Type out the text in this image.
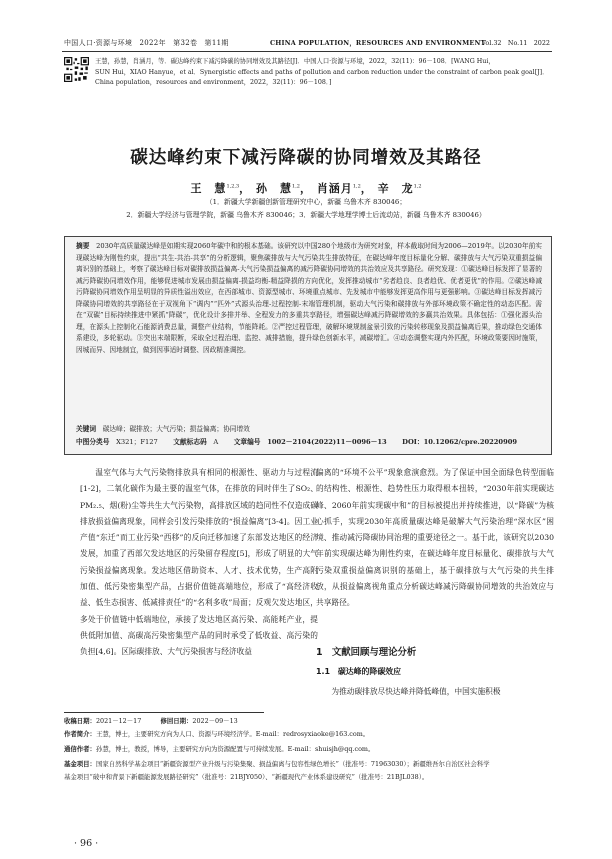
中国人口·资源与环境　2022年　第32卷　第11期	CHINA POPULATION，RESOURCES AND ENVIRONMENT
Vol.32　No.11　2022
王慧，孙慧，肖涵月，等．碳达峰约束下减污降碳的协同增效及其路径[J]．中国人口·资源与环境，2022，32(11)：96－108．[WANG Hui，
SUN Hui，XIAO Hanyue，et al．Synergistic effects and paths of pollution and carbon reduction under the constraint of carbon peak goal[J]．
China population，resources and environment，2022，32(11)：96－108．]
碳达峰约束下减污降碳的协同增效及其路径
王　慧$^{1,2,3}$， 孙　慧$^{1,2}$， 肖涵月$^{1,2}$， 辛　龙$^{1,2}$
（1．新疆大学新疆创新管理研究中心，新疆 乌鲁木齐 830046；
2．新疆大学经济与管理学院，新疆 乌鲁木齐 830046；3．新疆大学地理学博士后流动站，新疆 乌鲁木齐 830046）
摘要　 2030年高质量碳达峰是如期实现2060年碳中和的根本基础。该研究以中国280个地级市为研究对象，样本截取时间为2006—2019年。以2030年前实现碳达峰为刚性约束，提出“共生-共治-共享”的分析逻辑，聚焦碳排放与大气污染共生排放特征，在碳达峰年度目标量化分解、碳排放与大气污染双重损益偏离识别的基础上，考察了碳达峰目标对碳排放损益偏离-大气污染损益偏离的减污降碳协同增效的共治效应及共享路径。研究发现：①碳达峰目标发挥了显著的减污降碳协同增效作用，能够促进城市发展由损益偏离-损益均衡-精益降损的方向优化，发挥推动城市“劣者趋良、良者趋优、优者更优”的作用。②碳达峰减污降碳协同增效作用呈明显的异质性溢出效应，在西部城市、资源型城市、环境重点城市、先发城市中能够发挥更高作用与更强影响。③碳达峰目标发挥减污降碳协同增效的共享路径在于双视角下“调内”“匹外”式源头治理-过程控制-末端管理机制，驱动大气污染和碳排放与外部环境政策不确定性的动态匹配。需在“双碳”目标持续推进中紧抓“降碳”，优化设计多排并举、全程发力的多重共享路径，增强碳达峰减污降碳增效的多赢共治效果。具体包括：①强化源头治理，在源头上控制化石能源消费总量，调整产业结构，节能降耗。②严控过程管理，破解环境规制盆景引致的污染转移现象及损益偏离后果，推动绿色交通体系建设，多轮驱动。③突出末端限断，采取全过程治理、监控、减排措施，提升绿色创新水平，减碳增汇。④动态调整实现内外匹配，环境政策要因时施策，因城而异、因地制宜，做到因事适时调整、因政精准调控。
关键词　 碳达峰；碳排放；大气污染；损益偏离；协同增效
中图分类号　 X321；F127 　　 文献标志码　 A 　　 文章编号　 1002－2104(2022)11－0096－13 　　 DOI：10.12062/cpre.20220909

温室气体与大气污染物排放具有相同的根源性、驱动力与过程流[1-2]，二氧化碳作为最主要的温室气体，在排放的同时伴生了SO₂、PM₂.₅、烟(粉)尘等共生大气污染物，高排放区域的趋同性不仅造成碳排放损益偏离现象，同样会引发污染排放的“损益偏离”[3-4]。因工业产值“东迁”而工业污染“西移”的反向迁移加速了东部发达地区的经济发展，加重了西部欠发达地区的污染留存程度[5]，形成了明显的大气污染损益偏离现象。发达地区借助资本、人才、技术优势，生产高附加值、低污染密集型产品，占据价值链高端地位，形成了“高经济收益、低生态损害、低减排责任”的“名利多收”局面；反观欠发达地区，多处于价值链中低端地位，承接了发达地区高污染、高能耗产业，提供低附加值、高碳高污染密集型产品的同时承受了低收益、高污染的负担[4,6]。区际碳排放、大气污染损害与经济收益

偏离的“环境不公平”现象愈演愈烈。为了保证中国全面绿色转型面临的结构性、根源性、趋势性压力取得根本扭转，“2030年前实现碳达峰、2060年前实现碳中和”的目标被提出并持续推进，以“降碳”为核心抓手，实现2030年高质量碳达峰是破解大气污染治理“深水区”困境、推动减污降碳协同治理的重要途径之一。基于此，该研究以2030年前实现碳达峰为刚性约束，在碳达峰年度目标量化、碳排放与大气污染双重损益偏离识别的基础上，基于碳排放与大气污染的共生排放，从损益偏离视角重点分析碳达峰减污降碳协同增效的共治效应与共享路径。

1　文献回顾与理论分析
1.1　碳达峰的降碳效应

为推动碳排放尽快达峰并降低峰值，中国实施积极

收稿日期：2021－12－17　　　	修回日期：2022－09－13
作者简介：王慧，博士，主要研究方向为人口、资源与环境经济学。E-mail：redrosyxiaoke@163.com。
通信作者：孙慧，博士，教授，博导，主要研究方向为资源配置与可持续发展。E-mail：shuisjh@qq.com。
基金项目：国家自然科学基金项目“新疆资源型产业升级与污染集聚、损益偏离与包容性绿色增长”（批准号：71963030）；新疆维吾尔自治区社会科学
基金项目“破中和背景下新疆能源发展路径研究”（批准号：21BJY050）、“新疆现代产业体系建设研究”（批准号：21BJL038）。
· 96 ·
